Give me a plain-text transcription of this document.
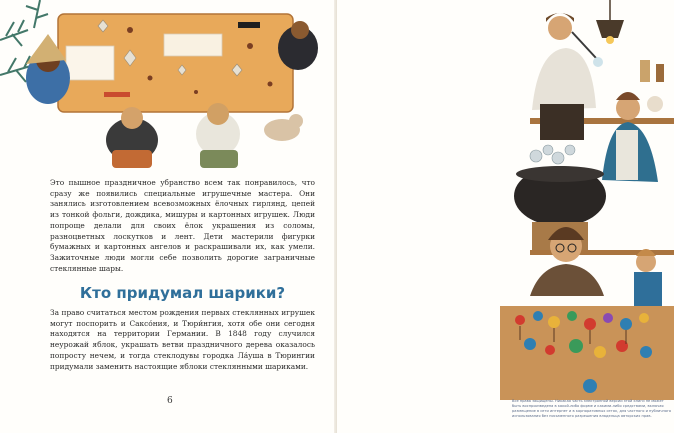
Это пышное праздничное убранство всем так понравилось, что сразу же появились специальные игрушечные мастера. Они занялись изготовлением всевозможных ёлочных гирлянд, цепей из тонкой фольги, дождика, мишуры и картонных игрушек. Люди попроще делали для своих ёлок украшения из соломы, разноцветных лоскутков и лент. Дети мастерили фигурки бумажных и картонных ангелов и раскрашивали их, как умели. Зажиточные люди могли себе позволить дорогие заграничные стеклянные шары.

Кто придумал шарики?

За право считаться местом рождения первых стеклянных игрушек могут поспорить и Саксо́ния, и Тюри́нгия, хотя обе они сегодня находятся на территории Германии. В 1848 году случился неурожай яблок, украшать ветви праздничного дерева оказалось попросту нечем, и тогда стеклодувы городка Ла́уша в Тюрингии придумали заменить настоящие яблоки стеклянными шариками.

6	Все права защищены. Никакая часть электронной версии этой книги не может быть воспроизведена в какой-либо форме и какими-либо средствами, включая размещение в сети интернет и в корпоративных сетях, для частного и публичного использования без письменного разрешения владельца авторских прав.
